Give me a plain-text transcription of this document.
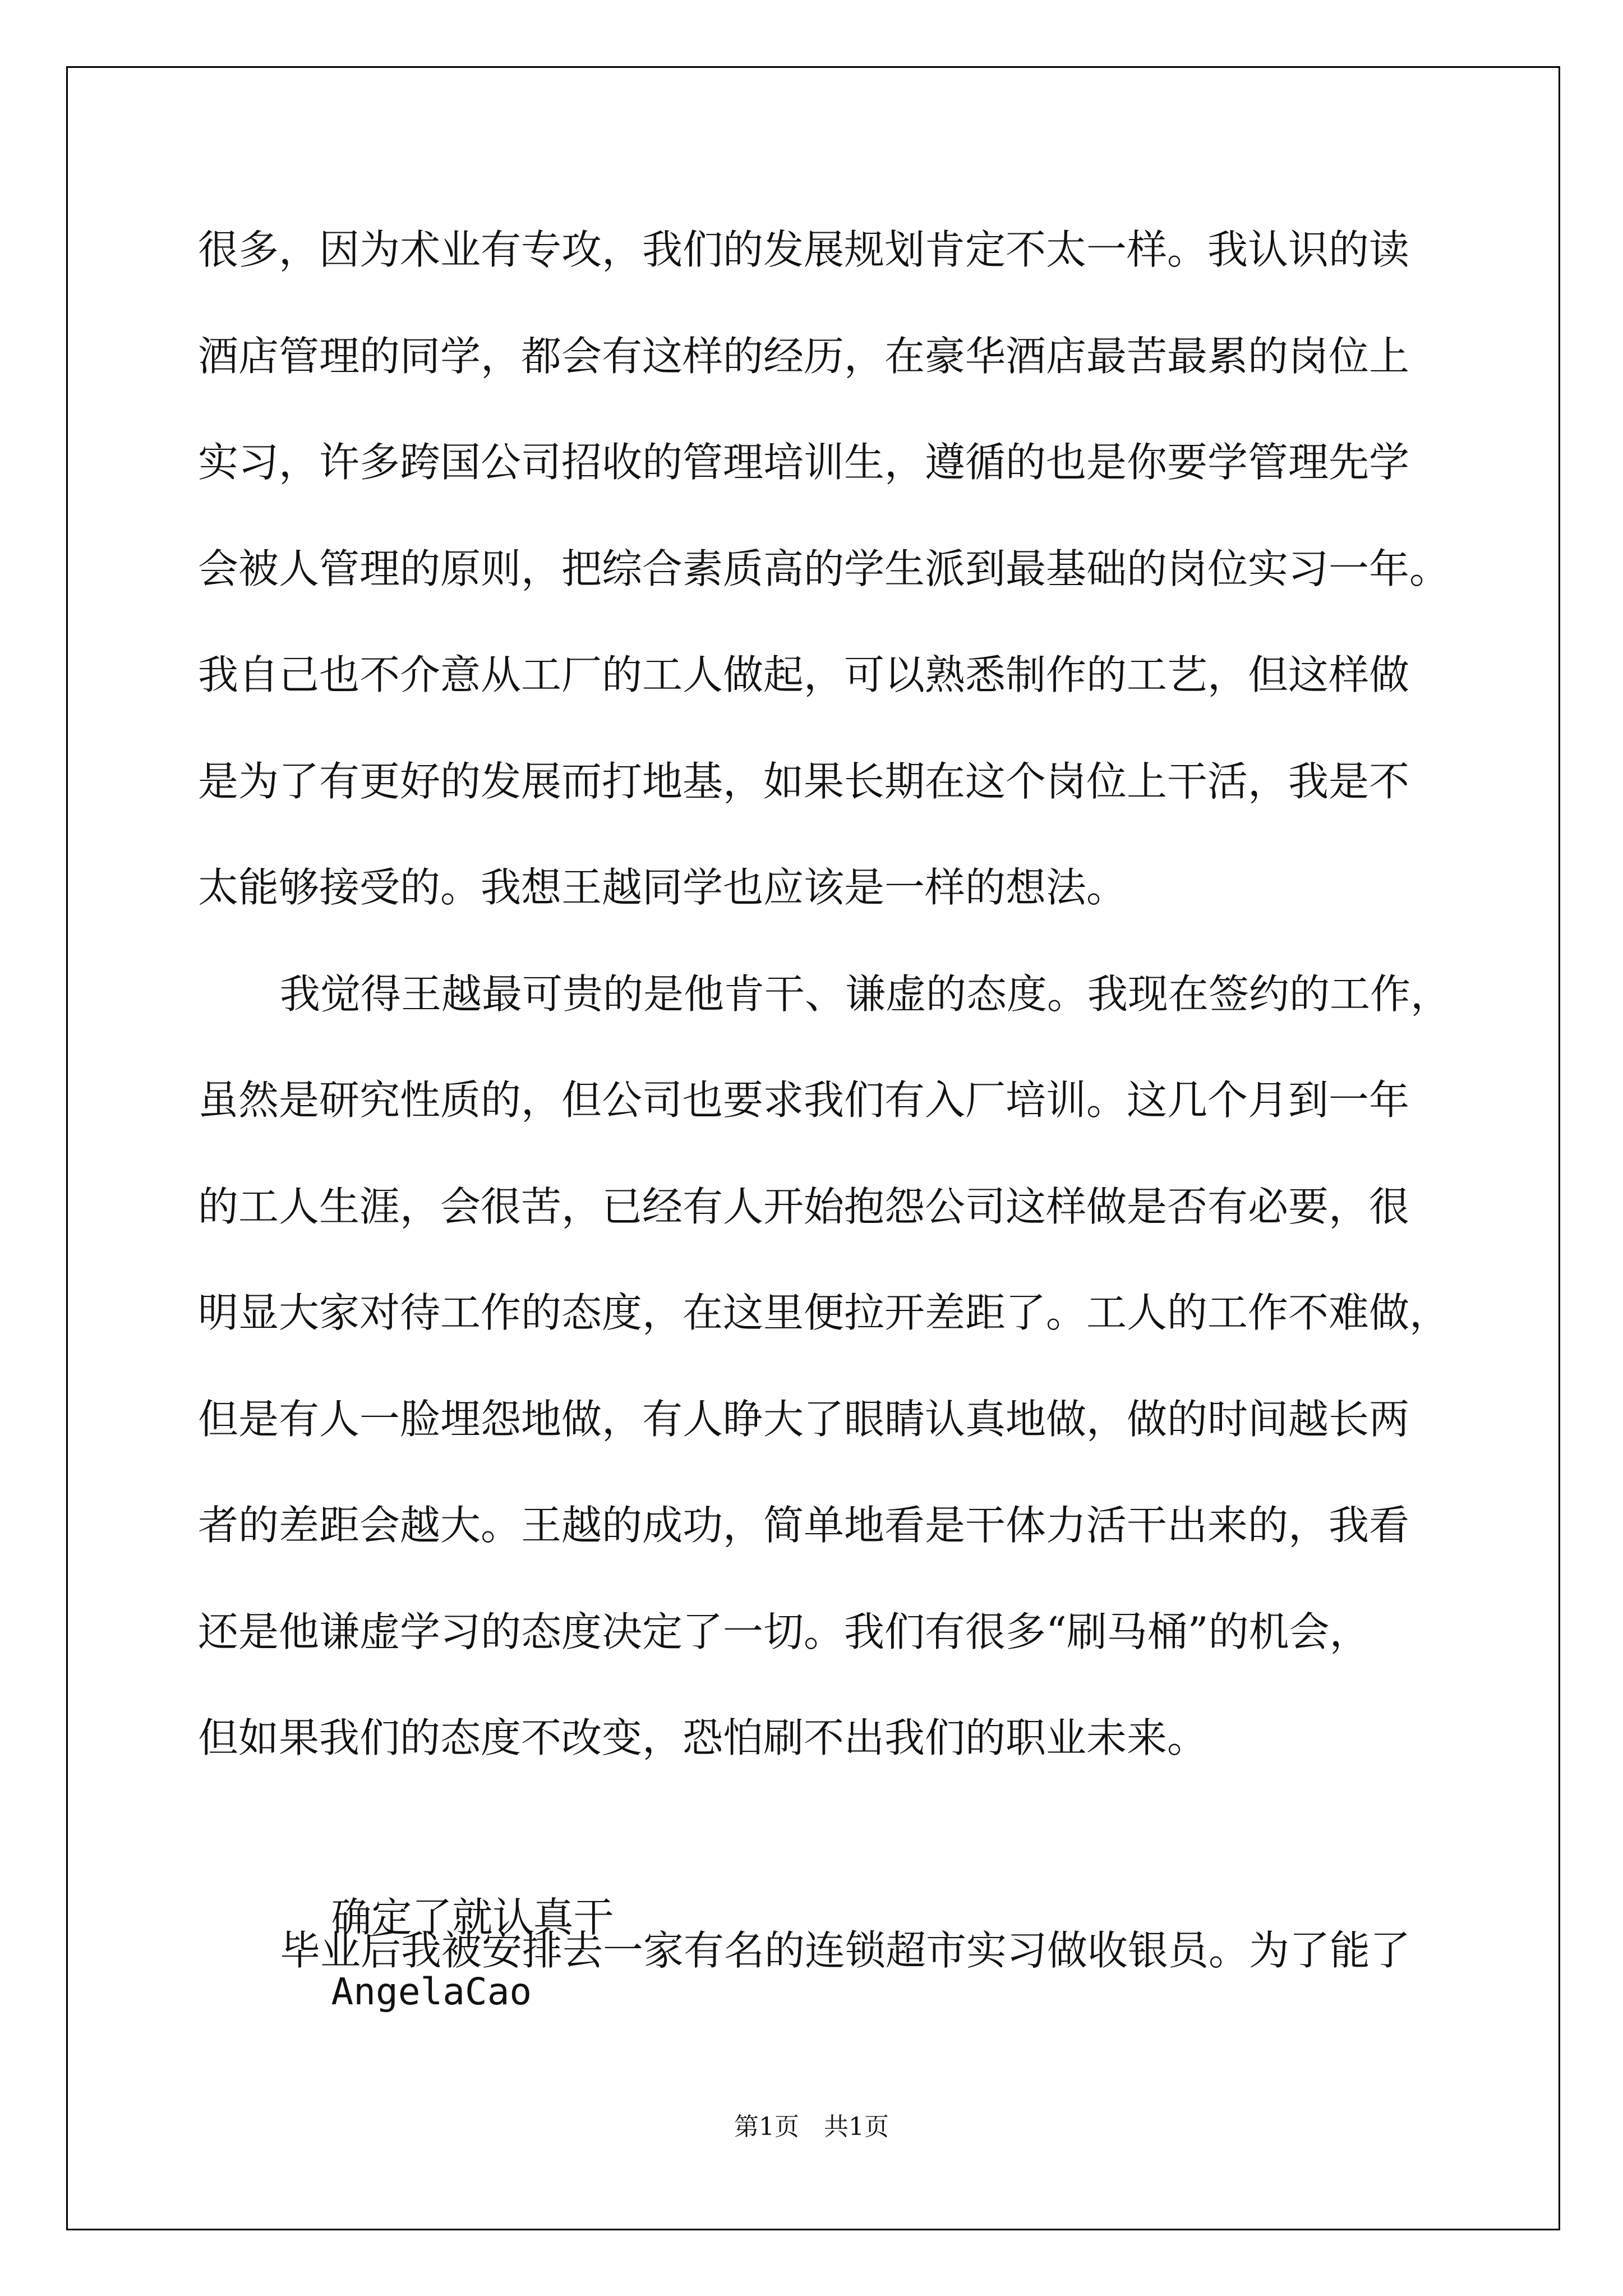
很多，因为术业有专攻，我们的发展规划肯定不太一样。我认识的读
酒店管理的同学，都会有这样的经历，在豪华酒店最苦最累的岗位上
实习，许多跨国公司招收的管理培训生，遵循的也是你要学管理先学
会被人管理的原则，把综合素质高的学生派到最基础的岗位实习一年。
我自己也不介意从工厂的工人做起，可以熟悉制作的工艺，但这样做
是为了有更好的发展而打地基，如果长期在这个岗位上干活，我是不
太能够接受的。我想王越同学也应该是一样的想法。
我觉得王越最可贵的是他肯干、谦虚的态度。我现在签约的工作，
虽然是研究性质的，但公司也要求我们有入厂培训。这几个月到一年
的工人生涯，会很苦，已经有人开始抱怨公司这样做是否有必要，很
明显大家对待工作的态度，在这里便拉开差距了。工人的工作不难做，
但是有人一脸埋怨地做，有人睁大了眼睛认真地做，做的时间越长两
者的差距会越大。王越的成功，简单地看是干体力活干出来的，我看
还是他谦虚学习的态度决定了一切。我们有很多“刷马桶”的机会，
但如果我们的态度不改变，恐怕刷不出我们的职业未来。

确定了就认真干
AngelaCao

毕业后我被安排去一家有名的连锁超市实习做收银员。为了能了
第1页　共1页
